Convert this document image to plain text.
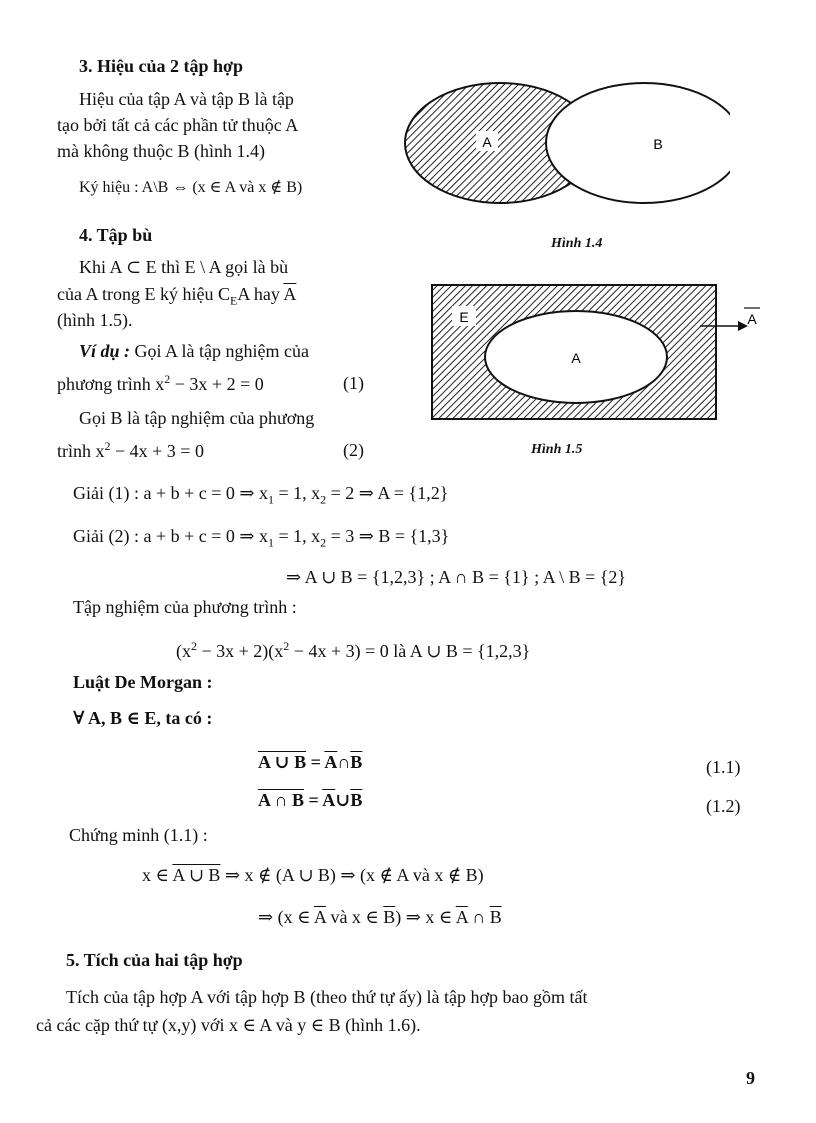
3. Hiệu của 2 tập hợp
Hiệu của tập A và tập B là tập
tạo bởi tất cả các phần tử thuộc A
mà không thuộc B (hình 1.4)
Ký hiệu : A\B ⇔ (x ∈ A và x ∉ B)
A	B
Hình 1.4
4. Tập bù
Khi A ⊂ E thì E \ A gọi là bù
của A trong E ký hiệu $C_EA$ hay $\overline{A}$
(hình 1.5).
Ví dụ : Gọi A là tập nghiệm của
phương trình $x^2 - 3x + 2 = 0$	(1)
Gọi B là tập nghiệm của phương
trình $x^2 - 4x + 3 = 0$	(2)
E
A
A
Hình 1.5
Giải (1) : a + b + c = 0 ⇒ $x_1 = 1$, $x_2 = 2$ ⇒ A = {1,2}
Giải (2) : a + b + c = 0 ⇒ $x_1 = 1$, $x_2 = 3$ ⇒ B = {1,3}
⇒ A ∪ B = {1,2,3} ; A ∩ B = {1} ; A \ B = {2}
Tập nghiệm của phương trình :
$(x^2 - 3x + 2)(x^2 - 4x + 3) = 0$ là A ∪ B = {1,2,3}
Luật De Morgan :
∀ A, B ∈ E, ta có :
A ∪ $B = \overline{A}\cap\overline{B}$	(1.1)
A ∩ $B = \overline{A}\cup\overline{B}$	(1.2)
Chứng minh (1.1) :
x ∈ A ∪ B ⇒ x ∉ (A ∪ B) ⇒ (x ∉ A và x ∉ B)
⇒ (x ∈ $\overline{A}$ và x ∈ $\overline{B}$) ⇒ x ∈ $\overline{A}$ ∩ $\overline{B}$
5. Tích của hai tập hợp
Tích của tập hợp A với tập hợp B (theo thứ tự ấy) là tập hợp bao gồm tất
cả các cặp thứ tự (x,y) với x ∈ A và y ∈ B (hình 1.6).
9
